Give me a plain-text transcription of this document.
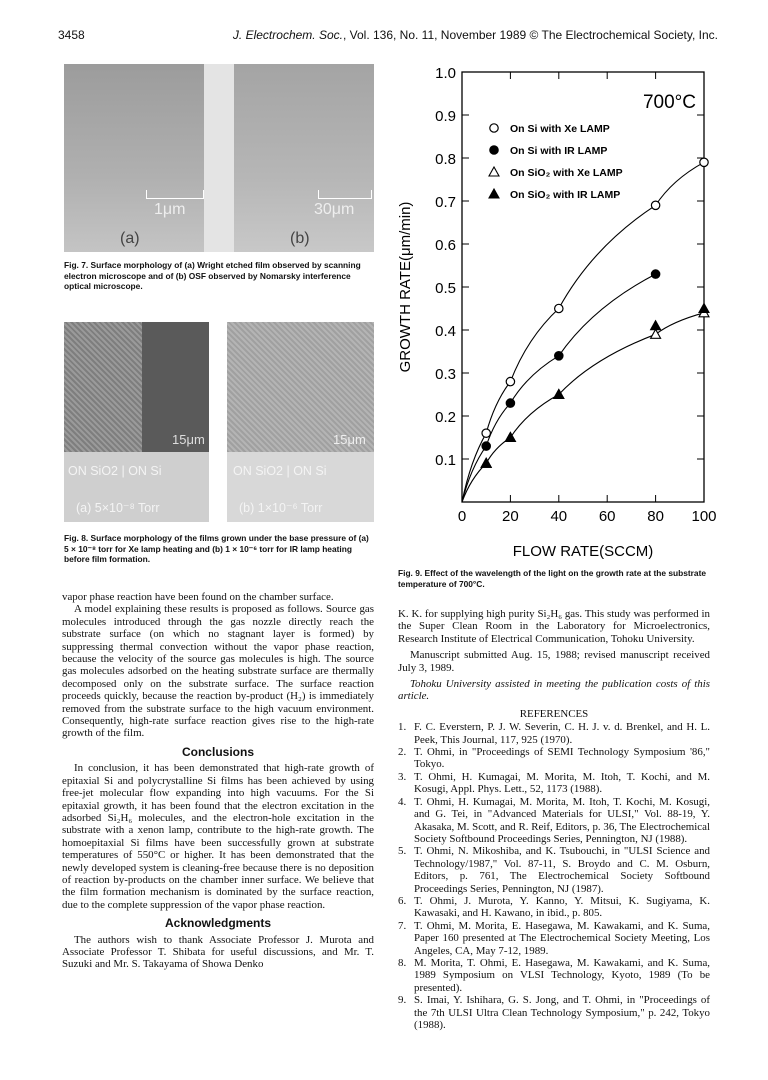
3458	J. Electrochem. Soc., Vol. 136, No. 11, November 1989 © The Electrochemical Society, Inc.
1μm
(a)
30μm
(b)
Fig. 7. Surface morphology of (a) Wright etched film observed by scanning electron microscope and of (b) OSF observed by Nomarsky interference optical microscope.
15μm
ON SiO2 | ON Si
(a) 5×10⁻⁸ Torr
15μm
ON SiO2 | ON Si
(b) 1×10⁻⁶ Torr
Fig. 8. Surface morphology of the films grown under the base pressure of (a) 5 × 10⁻⁸ torr for Xe lamp heating and (b) 1 × 10⁻⁶ torr for IR lamp heating before film formation.
0.1
0.2
0.3
0.4
0.5
0.6
0.7
0.8
0.9
1.0
0 20 40 60 80 100
FLOW RATE(SCCM)
GROWTH RATE(μm/min)
700°C
On Si with Xe LAMP
On Si with IR LAMP
On SiO₂ with Xe LAMP
On SiO₂ with IR LAMP
Fig. 9. Effect of the wavelength of the light on the growth rate at the substrate temperature of 700°C.

vapor phase reaction have been found on the chamber surface.

A model explaining these results is proposed as follows. Source gas molecules introduced through the gas nozzle directly reach the substrate surface (on which no stagnant layer is formed) by suppressing thermal convection without the vapor phase reaction, because the velocity of the source gas molecules is high. The source gas molecules adsorbed on the heating substrate surface are thermally decomposed only on the substrate surface. The surface reaction proceeds quickly, because the reaction by-product (H₂) is immediately removed from the substrate surface to the high vacuum environment. Consequently, high-rate surface reaction gives rise to the high-rate growth of the film.

Conclusions

In conclusion, it has been demonstrated that high-rate growth of epitaxial Si and polycrystalline Si films has been achieved by using free-jet molecular flow expanding into high vacuums. For the Si epitaxial growth, it has been found that the electron excitation in the adsorbed Si₂H₆ molecules, and the electron-hole excitation in the substrate with a xenon lamp, contribute to the high-rate growth. The homoepitaxial Si films have been successfully grown at substrate temperatures of 550°C or higher. It has been demonstrated that the newly developed system is cleaning-free because there is no deposition of reaction by-products on the chamber inner surface. We believe that the film formation mechanism is dominated by the surface reaction, due to the complete suppression of the vapor phase reaction.

Acknowledgments

The authors wish to thank Associate Professor J. Murota and Associate Professor T. Shibata for useful discussions, and Mr. T. Suzuki and Mr. S. Takayama of Showa Denko

K. K. for supplying high purity Si₂H₆ gas. This study was performed in the Super Clean Room in the Laboratory for Microelectronics, Research Institute of Electrical Communication, Tohoku University.

Manuscript submitted Aug. 15, 1988; revised manuscript received July 3, 1989.

Tohoku University assisted in meeting the publication costs of this article.

REFERENCES
1. F. C. Everstern, P. J. W. Severin, C. H. J. v. d. Brenkel, and H. L. Peek, This Journal, 117, 925 (1970).
2. T. Ohmi, in "Proceedings of SEMI Technology Symposium '86," Tokyo.
3. T. Ohmi, H. Kumagai, M. Morita, M. Itoh, T. Kochi, and M. Kosugi, Appl. Phys. Lett., 52, 1173 (1988).
4. T. Ohmi, H. Kumagai, M. Morita, M. Itoh, T. Kochi, M. Kosugi, and G. Tei, in "Advanced Materials for ULSI," Vol. 88-19, Y. Akasaka, M. Scott, and R. Reif, Editors, p. 36, The Electrochemical Society Softbound Proceedings Series, Pennington, NJ (1988).
5. T. Ohmi, N. Mikoshiba, and K. Tsubouchi, in "ULSI Science and Technology/1987," Vol. 87-11, S. Broydo and C. M. Osburn, Editors, p. 761, The Electrochemical Society Softbound Proceedings Series, Pennington, NJ (1987).
6. T. Ohmi, J. Murota, Y. Kanno, Y. Mitsui, K. Sugiyama, K. Kawasaki, and H. Kawano, in ibid., p. 805.
7. T. Ohmi, M. Morita, E. Hasegawa, M. Kawakami, and K. Suma, Paper 160 presented at The Electrochemical Society Meeting, Los Angeles, CA, May 7-12, 1989.
8. M. Morita, T. Ohmi, E. Hasegawa, M. Kawakami, and K. Suma, 1989 Symposium on VLSI Technology, Kyoto, 1989 (To be presented).
9. S. Imai, Y. Ishihara, G. S. Jong, and T. Ohmi, in "Proceedings of the 7th ULSI Ultra Clean Technology Symposium," p. 242, Tokyo (1988).
